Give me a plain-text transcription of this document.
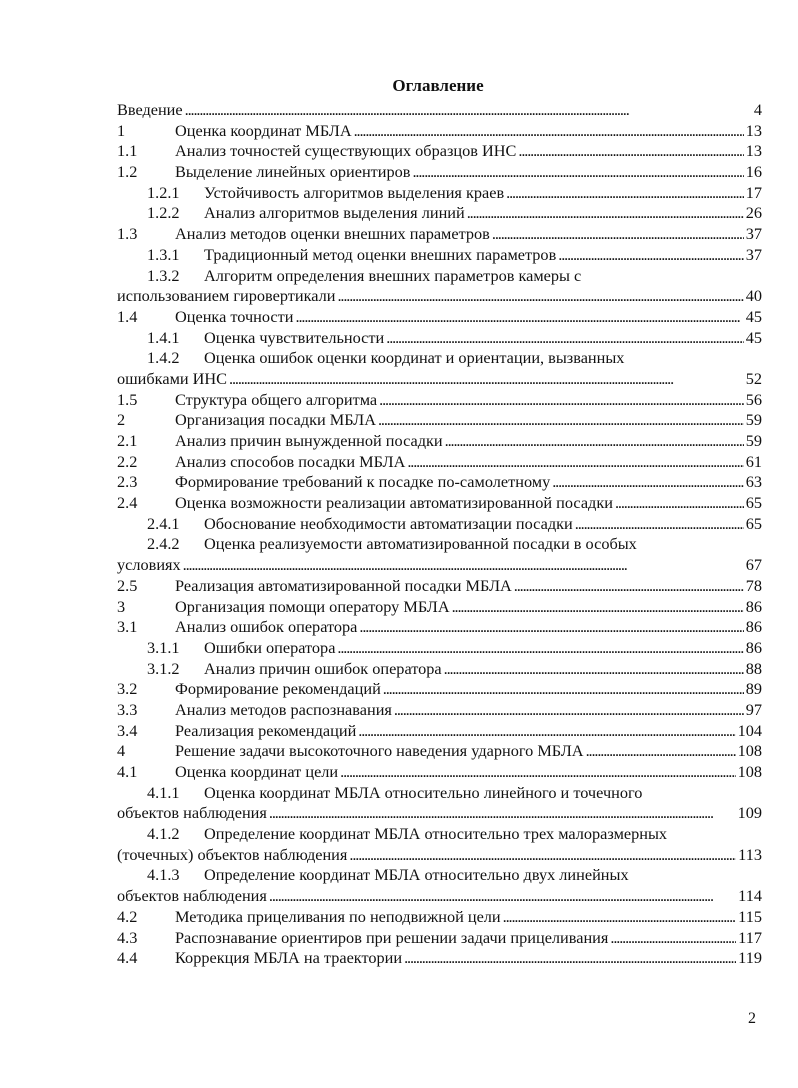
Оглавление
Введение . . .	4
1	Оценка координат МБЛА . . .	13
1.1	Анализ точностей существующих образцов ИНС . . .	13
1.2	Выделение линейных ориентиров . . .	16
1.2.1	Устойчивость алгоритмов выделения краев . . .	17
1.2.2	Анализ алгоритмов выделения линий . . .	26
1.3	Анализ методов оценки внешних параметров . . .	37
1.3.1	Традиционный метод оценки внешних параметров . . .	37
1.3.2	Алгоритм определения внешних параметров камеры с
использованием гировертикали . . .	40
1.4	Оценка точности . . .	45
1.4.1	Оценка чувствительности . . .	45
1.4.2	Оценка ошибок оценки координат и ориентации, вызванных
ошибками ИНС . . .	52
1.5	Структура общего алгоритма . . .	56
2	Организация посадки МБЛА . . .	59
2.1	Анализ причин вынужденной посадки . . .	59
2.2	Анализ способов посадки МБЛА . . .	61
2.3	Формирование требований к посадке по-самолетному . . .	63
2.4	Оценка возможности реализации автоматизированной посадки . . .	65
2.4.1	Обоснование необходимости автоматизации посадки . . .	65
2.4.2	Оценка реализуемости автоматизированной посадки в особых
условиях . . .	67
2.5	Реализация автоматизированной посадки МБЛА . . .	78
3	Организация помощи оператору МБЛА . . .	86
3.1	Анализ ошибок оператора . . .	86
3.1.1	Ошибки оператора . . .	86
3.1.2	Анализ причин ошибок оператора . . .	88
3.2	Формирование рекомендаций . . .	89
3.3	Анализ методов распознавания . . .	97
3.4	Реализация рекомендаций . . .	104
4	Решение задачи высокоточного наведения ударного МБЛА . . .	108
4.1	Оценка координат цели . . .	108
4.1.1	Оценка координат МБЛА относительно линейного и точечного
объектов наблюдения . . .	109
4.1.2	Определение координат МБЛА относительно трех малоразмерных
(точечных) объектов наблюдения . . .	113
4.1.3	Определение координат МБЛА относительно двух линейных
объектов наблюдения . . .	114
4.2	Методика прицеливания по неподвижной цели . . .	115
4.3	Распознавание ориентиров при решении задачи прицеливания . . .	117
4.4	Коррекция МБЛА на траектории . . .	119
2
